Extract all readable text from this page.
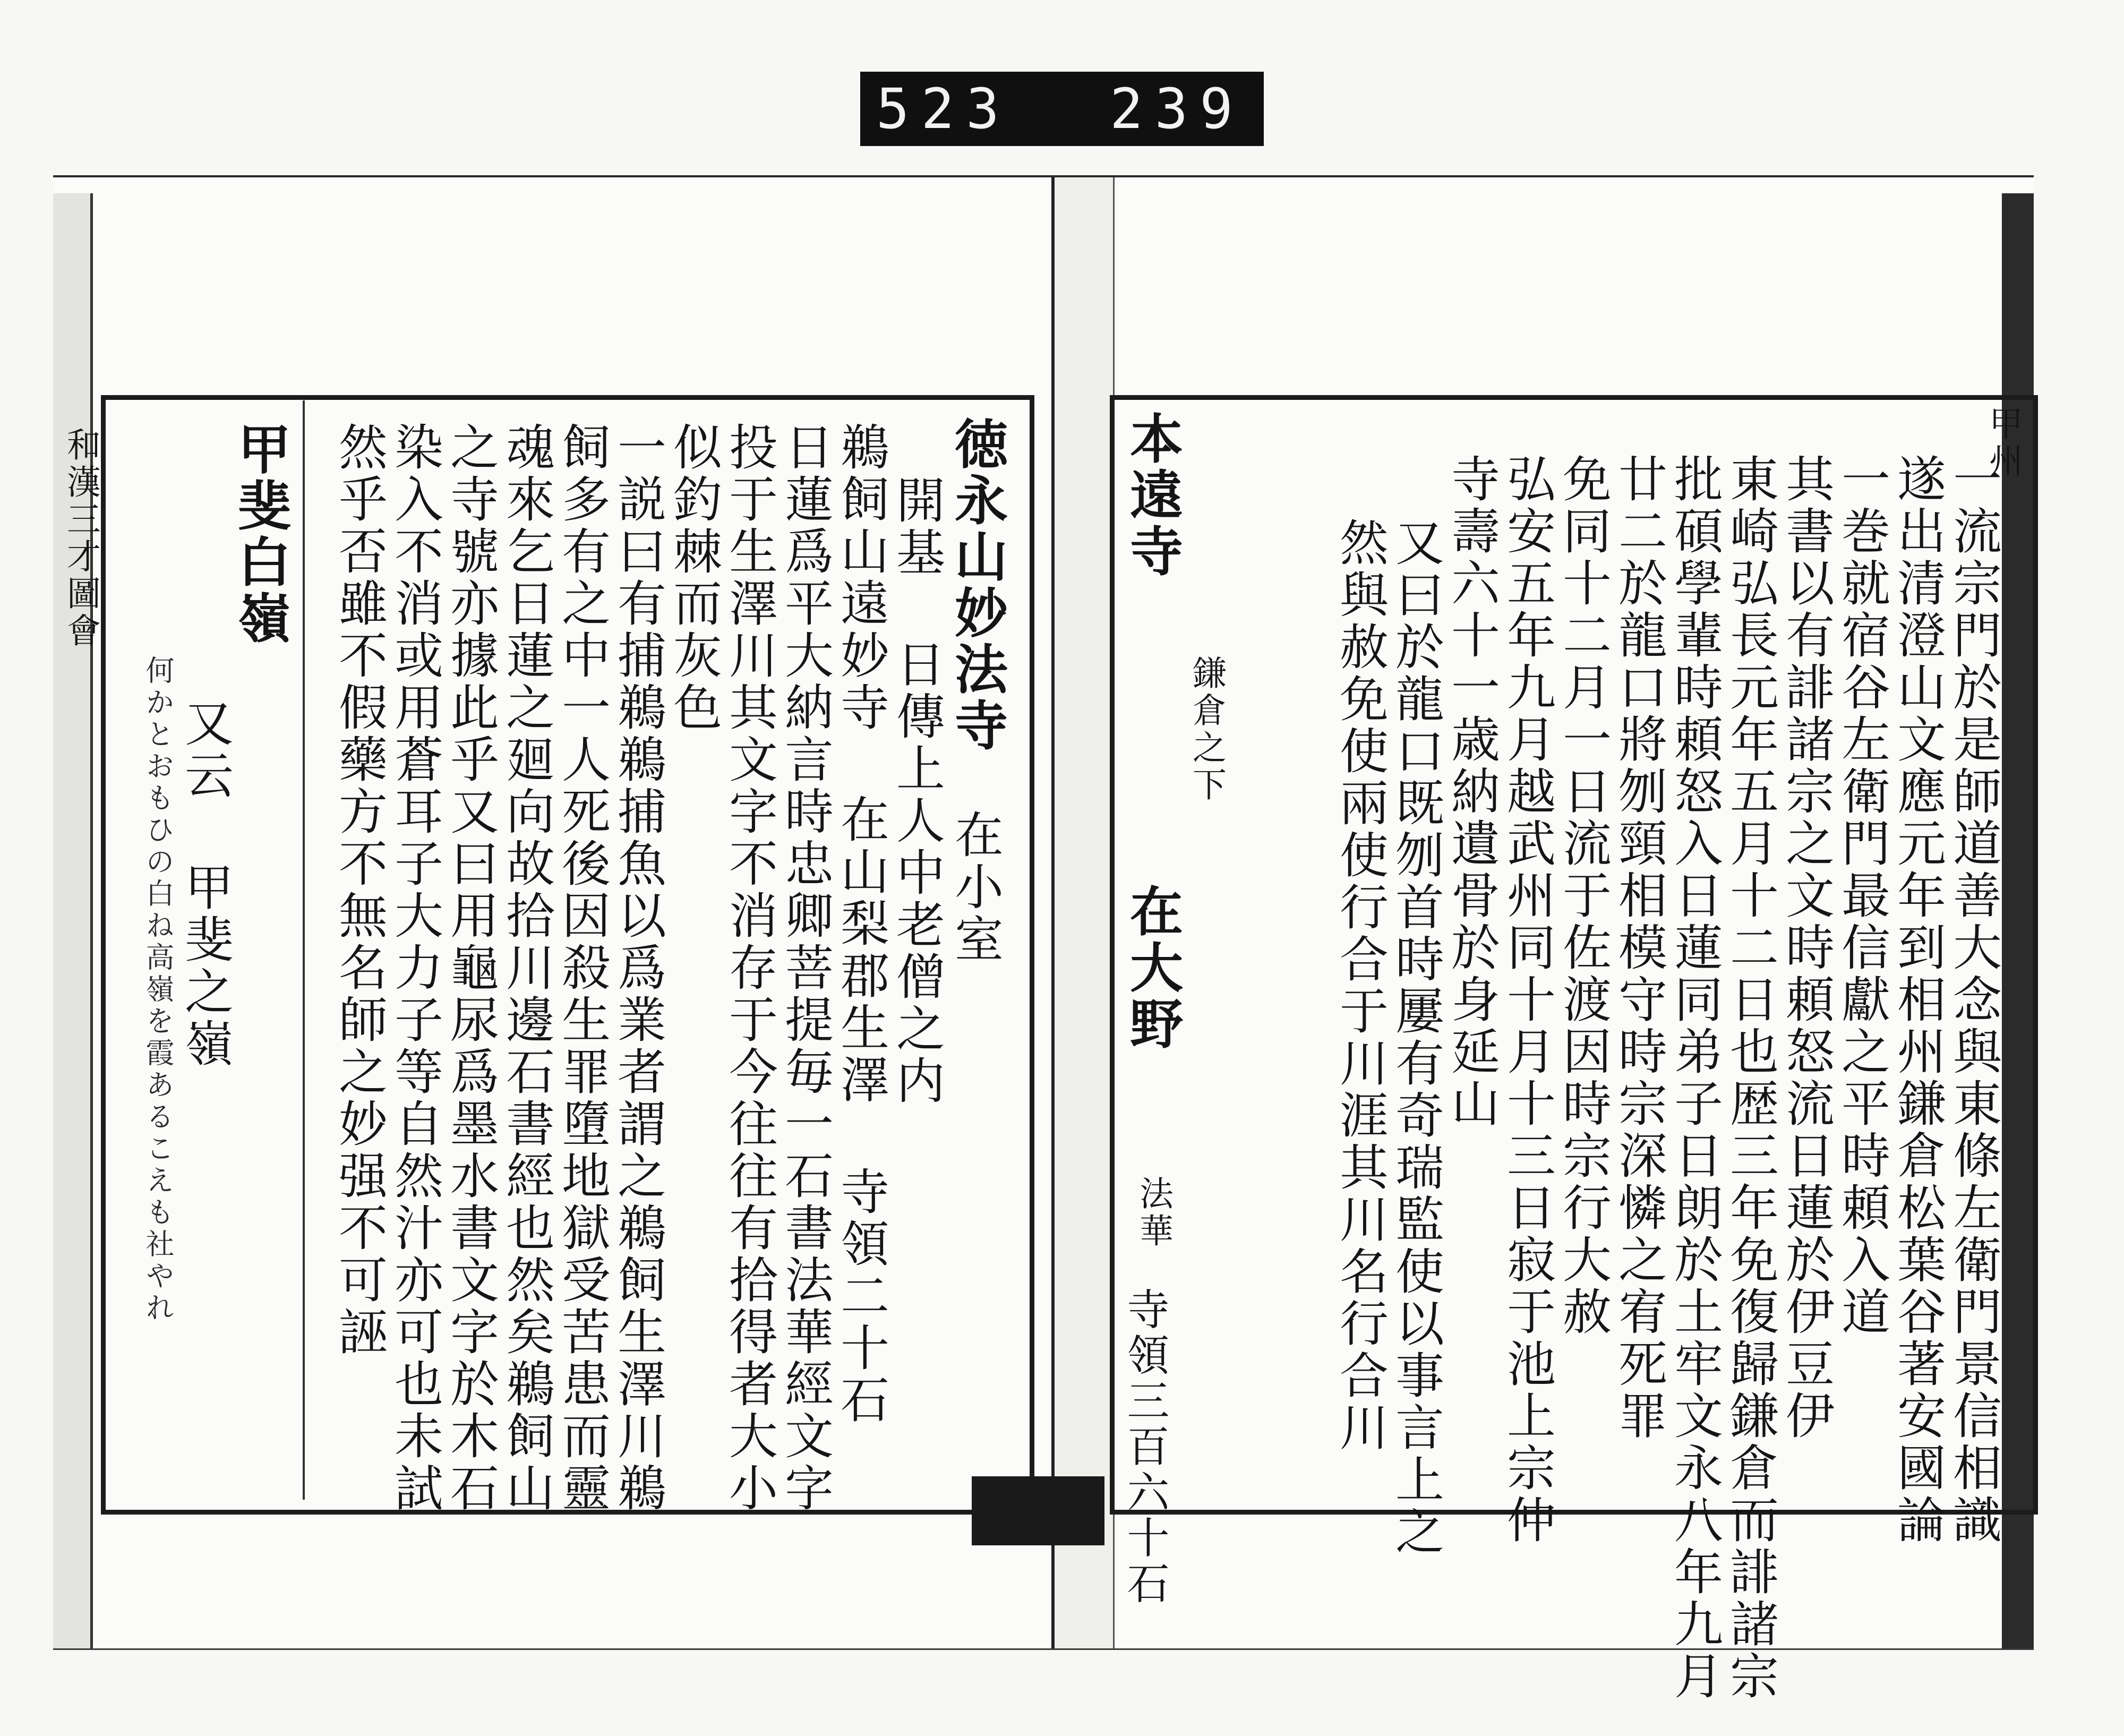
523 239
和漢三才圖會	徳永山妙法寺
在小室
開基 日傳上人中老僧之内
鵜飼山遠妙寺 在山梨郡生澤 寺領二十石
日蓮爲平大納言時忠卿菩提毎一石書法華經文字
投于生澤川其文字不消存于今往往有拾得者大小
似釣棘而灰色
一説曰有捕鵜鵜捕魚以爲業者謂之鵜飼生澤川鵜
飼多有之中一人死後因殺生罪墮地獄受苦患而靈
魂來乞日蓮之廻向故拾川邊石書經也然矣鵜飼山
之寺號亦據此乎又曰用龜尿爲墨水書文字於木石
染入不消或用蒼耳子大力子等自然汁亦可也未試
然乎否雖不假藥方不無名師之妙强不可誣
甲斐白嶺
又云 甲斐之嶺
何かとおもひの白ね高嶺を霞あるこえも社やれ
甲州
一流宗門於是師道善大念與東條左衛門景信相識
遂出清澄山文應元年到相州鎌倉松葉谷著安國論
一巻就宿谷左衛門最信獻之平時頼入道
其書以有誹諸宗之文時頼怒流日蓮於伊豆伊
東崎弘長元年五月十二日也歴三年免復歸鎌倉而誹諸宗
批碩學輩時頼怒入日蓮同弟子日朗於土牢文永八年九月
廿二於龍口將刎頸相模守時宗深憐之宥死罪
免同十二月一日流于佐渡因時宗行大赦
弘安五年九月越武州同十月十三日寂于池上宗仲
寺壽六十一歳納遺骨於身延山
又曰於龍口既刎首時屢有奇瑞監使以事言上之
然與赦免使兩使行合于川涯其川名行合川
本遠寺
鎌倉之下
在大野
法華
寺領三百六十石
